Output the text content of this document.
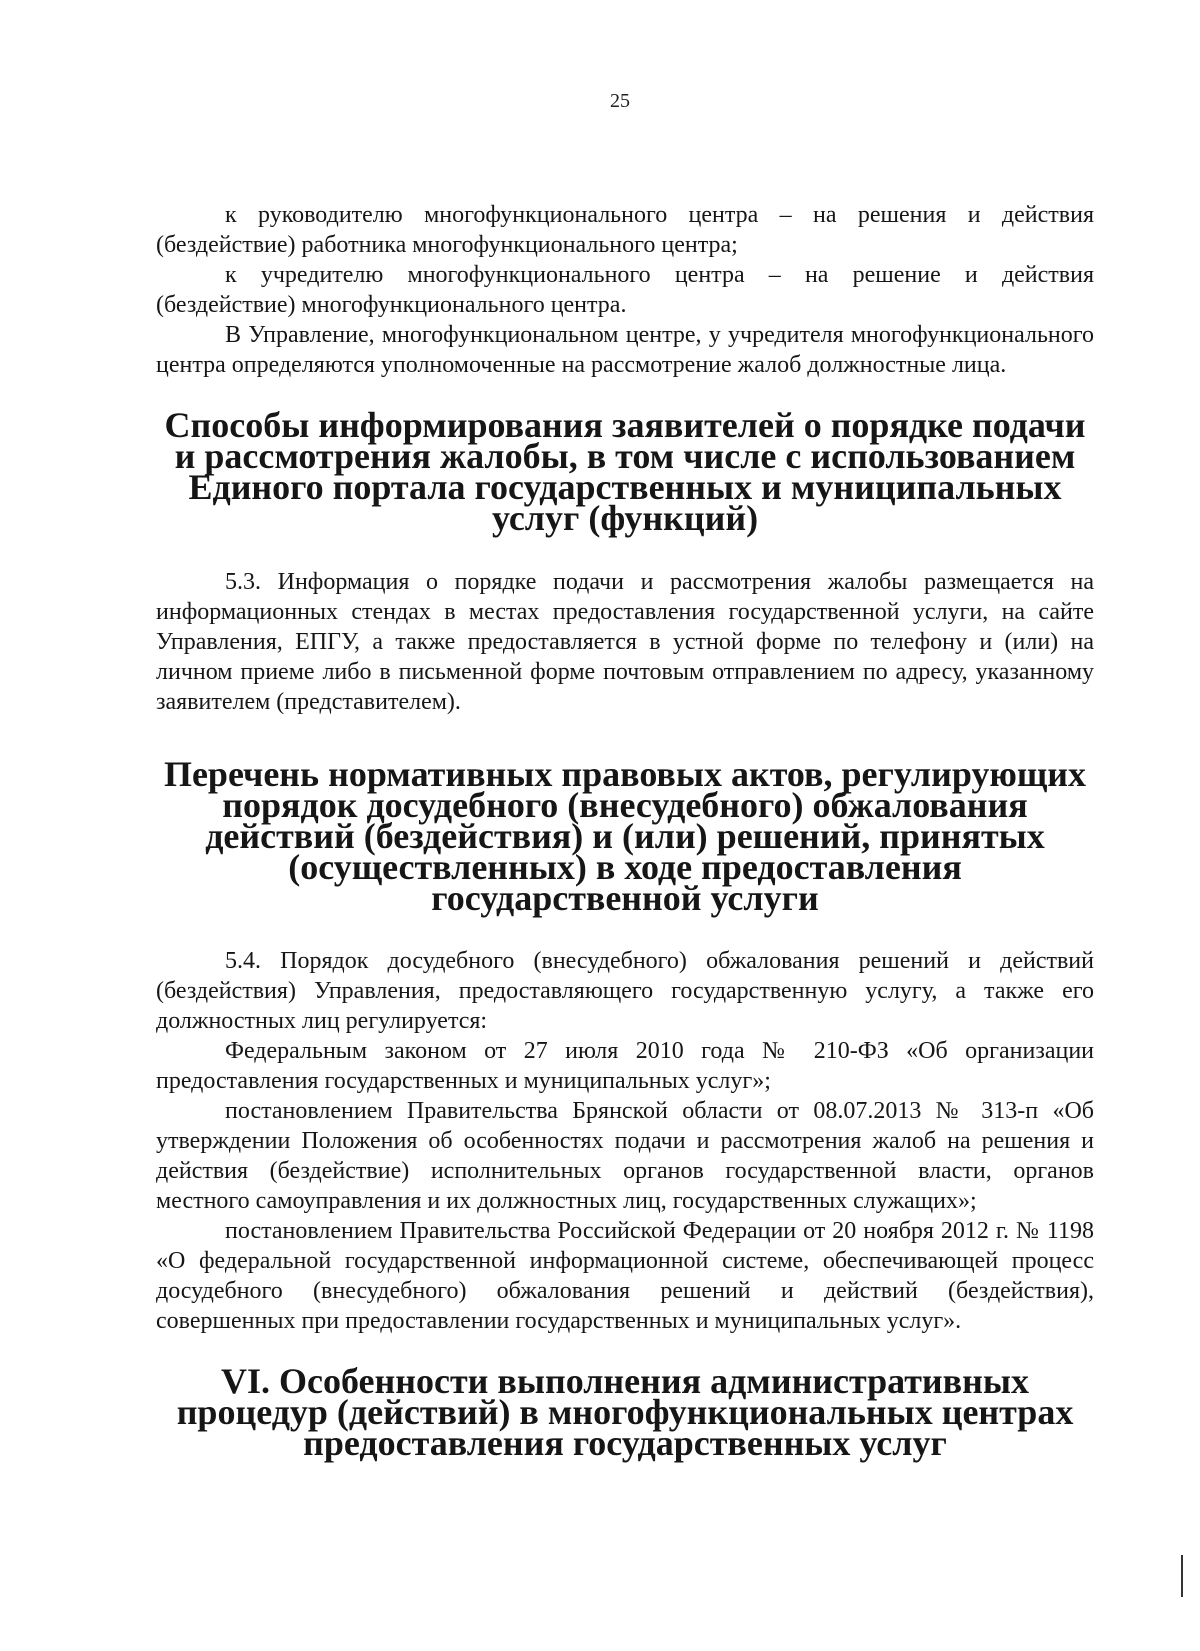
25

к руководителю многофункционального центра – на решения и действия (бездействие) работника многофункционального центра;

к учредителю многофункционального центра – на решение и действия (бездействие) многофункционального центра.

В Управление, многофункциональном центре, у учредителя многофункционального центра определяются уполномоченные на рассмотрение жалоб должностные лица.

Способы информирования заявителей о порядке подачи и рассмотрения жалобы, в том числе с использованием Единого портала государственных и муниципальных услуг (функций)

5.3. Информация о порядке подачи и рассмотрения жалобы размещается на информационных стендах в местах предоставления государственной услуги, на сайте Управления, ЕПГУ, а также предоставляется в устной форме по телефону и (или) на личном приеме либо в письменной форме почтовым отправлением по адресу, указанному заявителем (представителем).

Перечень нормативных правовых актов, регулирующих порядок досудебного (внесудебного) обжалования действий (бездействия) и (или) решений, принятых (осуществленных) в ходе предоставления государственной услуги

5.4. Порядок досудебного (внесудебного) обжалования решений и действий (бездействия) Управления, предоставляющего государственную услугу, а также его должностных лиц регулируется:

Федеральным законом от 27 июля 2010 года № 210-ФЗ «Об организации предоставления государственных и муниципальных услуг»;

постановлением Правительства Брянской области от 08.07.2013 № 313-п «Об утверждении Положения об особенностях подачи и рассмотрения жалоб на решения и действия (бездействие) исполнительных органов государственной власти, органов местного самоуправления и их должностных лиц, государственных служащих»;

постановлением Правительства Российской Федерации от 20 ноября 2012 г. № 1198 «О федеральной государственной информационной системе, обеспечивающей процесс досудебного (внесудебного) обжалования решений и действий (бездействия), совершенных при предоставлении государственных и муниципальных услуг».

VI. Особенности выполнения административных процедур (действий) в многофункциональных центрах предоставления государственных услуг
